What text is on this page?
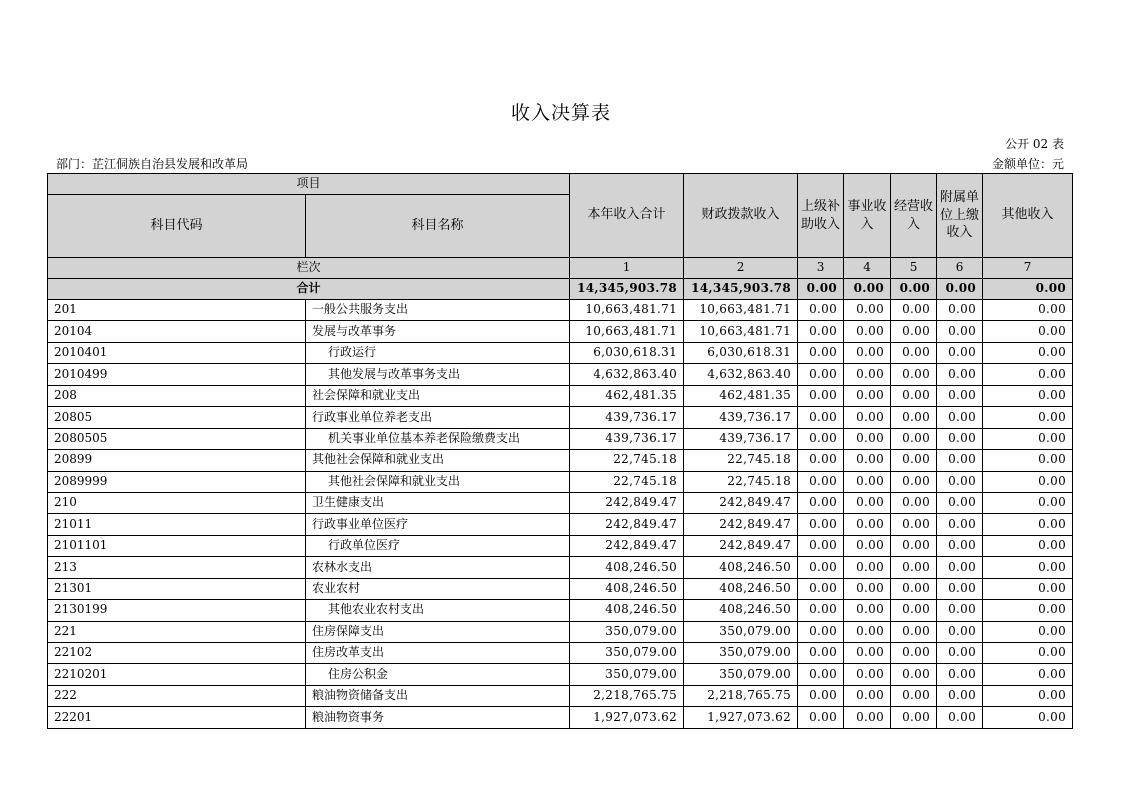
收入决算表
公开 02 表
部门：芷江侗族自治县发展和改革局	金额单位：元
项目		本年收入合计	财政拨款收入	上级补助收入	事业收入	经营收入	附属单位上缴收入	其他收入
科目代码	科目名称							
栏次		1	2	3	4	5	6	7
合计		14,345,903.78	14,345,903.78	0.00	0.00	0.00	0.00	0.00
201	一般公共服务支出	10,663,481.71	10,663,481.71	0.00	0.00	0.00	0.00	0.00
20104	发展与改革事务	10,663,481.71	10,663,481.71	0.00	0.00	0.00	0.00	0.00
2010401	行政运行	6,030,618.31	6,030,618.31	0.00	0.00	0.00	0.00	0.00
2010499	其他发展与改革事务支出	4,632,863.40	4,632,863.40	0.00	0.00	0.00	0.00	0.00
208	社会保障和就业支出	462,481.35	462,481.35	0.00	0.00	0.00	0.00	0.00
20805	行政事业单位养老支出	439,736.17	439,736.17	0.00	0.00	0.00	0.00	0.00
2080505	机关事业单位基本养老保险缴费支出	439,736.17	439,736.17	0.00	0.00	0.00	0.00	0.00
20899	其他社会保障和就业支出	22,745.18	22,745.18	0.00	0.00	0.00	0.00	0.00
2089999	其他社会保障和就业支出	22,745.18	22,745.18	0.00	0.00	0.00	0.00	0.00
210	卫生健康支出	242,849.47	242,849.47	0.00	0.00	0.00	0.00	0.00
21011	行政事业单位医疗	242,849.47	242,849.47	0.00	0.00	0.00	0.00	0.00
2101101	行政单位医疗	242,849.47	242,849.47	0.00	0.00	0.00	0.00	0.00
213	农林水支出	408,246.50	408,246.50	0.00	0.00	0.00	0.00	0.00
21301	农业农村	408,246.50	408,246.50	0.00	0.00	0.00	0.00	0.00
2130199	其他农业农村支出	408,246.50	408,246.50	0.00	0.00	0.00	0.00	0.00
221	住房保障支出	350,079.00	350,079.00	0.00	0.00	0.00	0.00	0.00
22102	住房改革支出	350,079.00	350,079.00	0.00	0.00	0.00	0.00	0.00
2210201	住房公积金	350,079.00	350,079.00	0.00	0.00	0.00	0.00	0.00
222	粮油物资储备支出	2,218,765.75	2,218,765.75	0.00	0.00	0.00	0.00	0.00
22201	粮油物资事务	1,927,073.62	1,927,073.62	0.00	0.00	0.00	0.00	0.00
